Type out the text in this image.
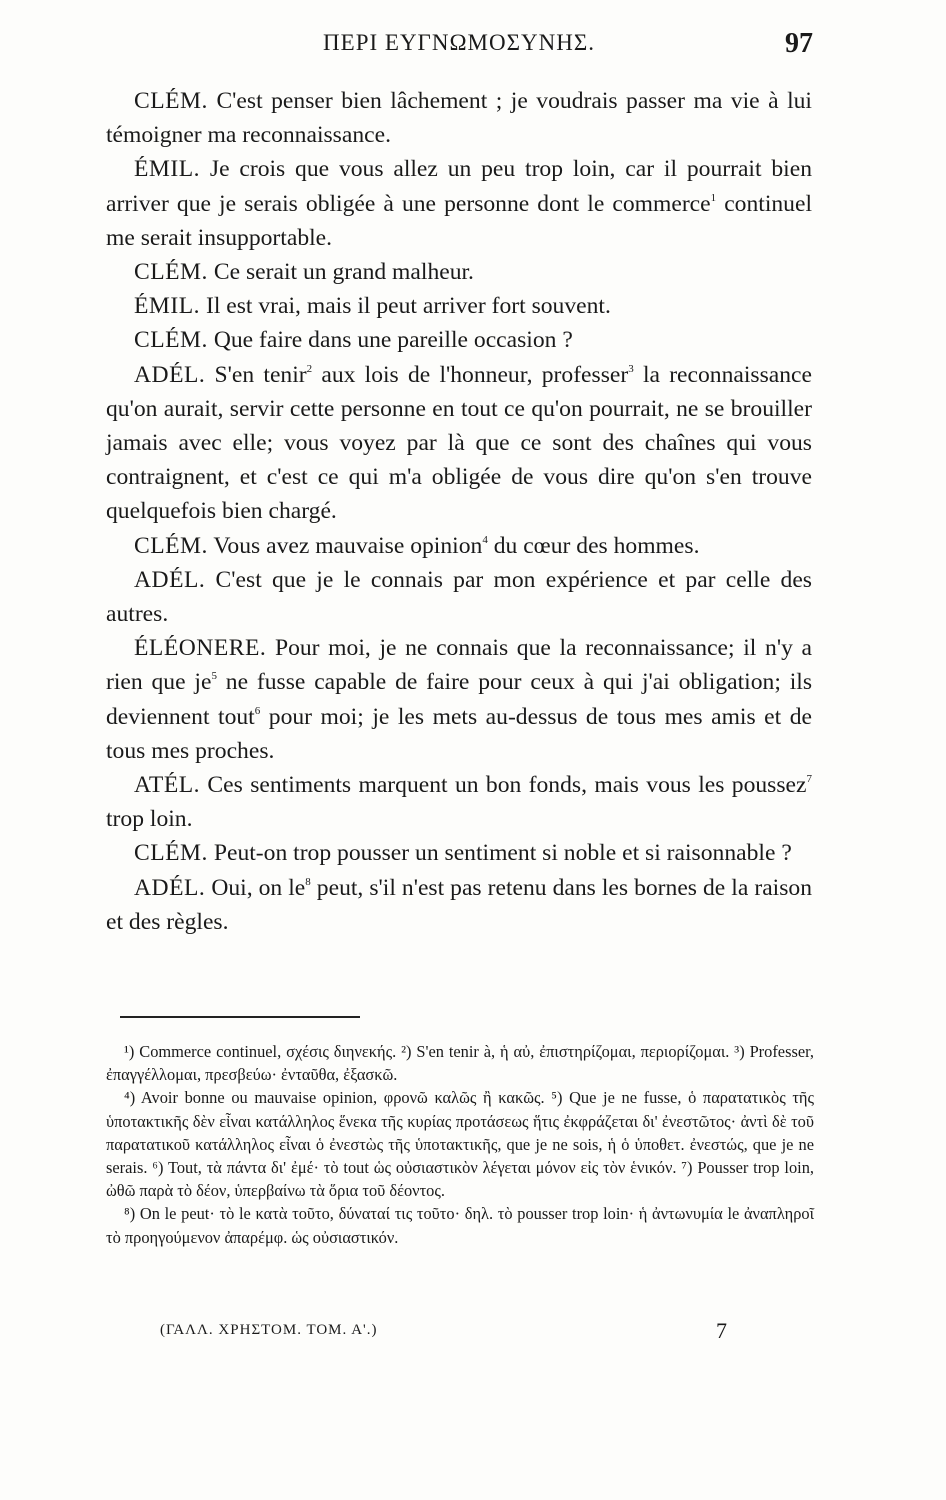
ΠΕΡΙ ΕΥΓΝΩΜΟΣΥΝΗΣ.	97

CLÉM. C'est penser bien lâchement ; je voudrais passer ma vie à lui témoigner ma reconnaissance.

ÉMIL. Je crois que vous allez un peu trop loin, car il pourrait bien arriver que je serais obligée à une personne dont le commerce$^1$ continuel me serait insupportable.

CLÉM. Ce serait un grand malheur.

ÉMIL. Il est vrai, mais il peut arriver fort souvent.

CLÉM. Que faire dans une pareille occasion ?

ADÉL. S'en tenir$^2$ aux lois de l'honneur, professer$^3$ la reconnaissance qu'on aurait, servir cette personne en tout ce qu'on pourrait, ne se brouiller jamais avec elle; vous voyez par là que ce sont des chaînes qui vous contraignent, et c'est ce qui m'a obligée de vous dire qu'on s'en trouve quelquefois bien chargé.

CLÉM. Vous avez mauvaise opinion$^4$ du cœur des hommes.

ADÉL. C'est que je le connais par mon expérience et par celle des autres.

ÉLÉONERE. Pour moi, je ne connais que la reconnaissance; il n'y a rien que $je^5$ ne fusse capable de faire pour ceux à qui j'ai obligation; ils deviennent tout$^6$ pour moi; je les mets au-dessus de tous mes amis et de tous mes proches.

ATÉL. Ces sentiments marquent un bon fonds, mais vous les poussez$^7$ trop loin.

CLÉM. Peut-on trop pousser un sentiment si noble et si raisonnable ?

ADÉL. Oui, on $le^8$ peut, s'il n'est pas retenu dans les bornes de la raison et des règles.

¹) Commerce continuel, σχέσις διηνεκής. ²) S'en tenir à, ἡ αὐ, ἐπιστηρίζομαι, περιορίζομαι. ³) Professer, ἐπαγγέλλομαι, πρεσβεύω· ἐνταῦθα, ἐξασκῶ.

⁴) Avoir bonne ou mauvaise opinion, φρονῶ καλῶς ἢ κακῶς. ⁵) Que je ne fusse, ὁ παρατατικὸς τῆς ὑποτακτικῆς δὲν εἶναι κατάλληλος ἕνεκα τῆς κυρίας προτάσεως ἥτις ἐκφράζεται δι' ἐνεστῶτος· ἀντὶ δὲ τοῦ παρατατικοῦ κατάλληλος εἶναι ὁ ἐνεστὼς τῆς ὑποτακτικῆς, que je ne sois, ἡ ὁ ὑποθετ. ἐνεστώς, que je ne serais. ⁶) Tout, τὰ πάντα δι' ἐμέ· τὸ tout ὡς οὐσιαστικὸν λέγεται μόνον εἰς τὸν ἑνικόν. ⁷) Pousser trop loin, ὠθῶ παρὰ τὸ δέον, ὑπερβαίνω τὰ ὅρια τοῦ δέοντος.

⁸) On le peut· τὸ le κατὰ τοῦτο, δύναταί τις τοῦτο· δηλ. τὸ pousser trop loin· ἡ ἀντωνυμία le ἀναπληροῖ τὸ προηγούμενον ἀπαρέμφ. ὡς οὐσιαστικόν.

(ΓΑΛΛ. ΧΡΗΣΤΟΜ. ΤΟΜ. Α'.)	7
